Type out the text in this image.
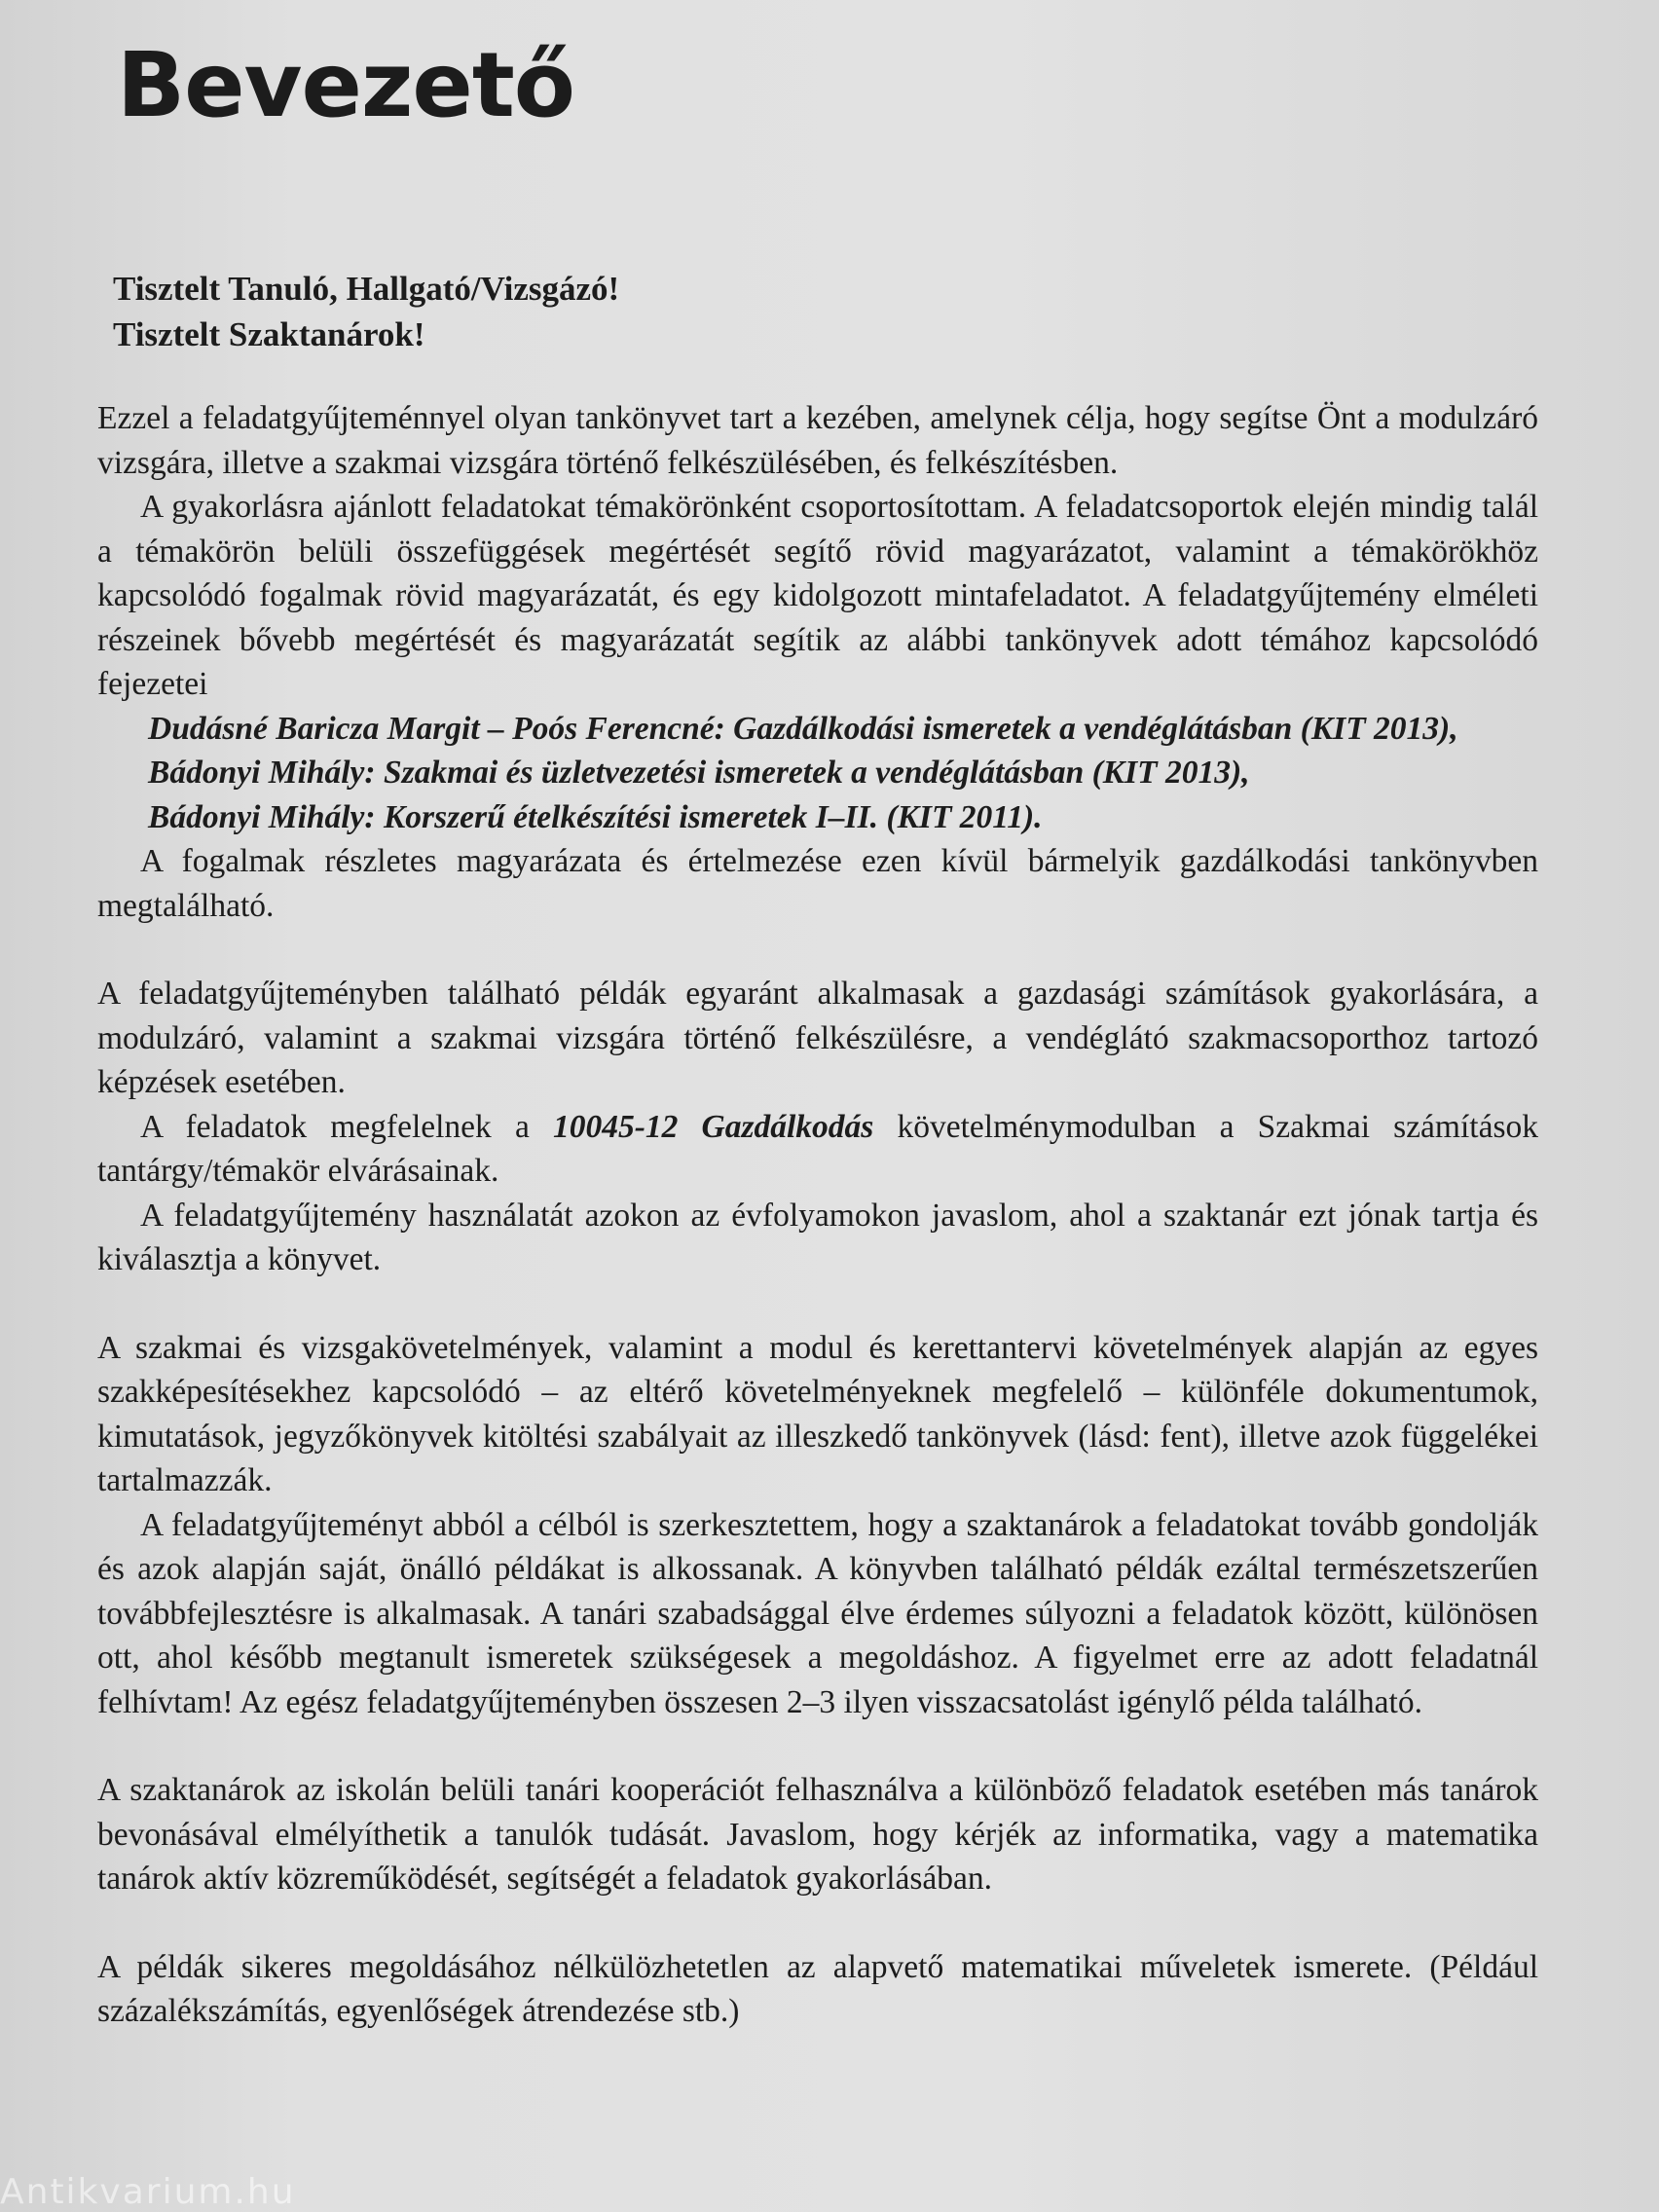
Bevezető
Tisztelt Tanuló, Hallgató/Vizsgázó!
Tisztelt Szaktanárok!

Ezzel a feladatgyűjteménnyel olyan tankönyvet tart a kezében, amelynek célja, hogy segítse Önt a modulzáró vizsgára, illetve a szakmai vizsgára történő felkészülésében, és felkészítésben.

A gyakorlásra ajánlott feladatokat témakörönként csoportosítottam. A feladatcsoportok elején mindig talál a témakörön belüli összefüggések megértését segítő rövid magyarázatot, valamint a témakörökhöz kapcsolódó fogalmak rövid magyarázatát, és egy kidolgozott mintafeladatot. A feladatgyűjtemény elméleti részeinek bővebb megértését és magyarázatát segítik az alábbi tankönyvek adott témához kapcsolódó fejezetei

Dudásné Baricza Margit – Poós Ferencné: Gazdálkodási ismeretek a vendéglátásban (KIT 2013),
Bádonyi Mihály: Szakmai és üzletvezetési ismeretek a vendéglátásban (KIT 2013),
Bádonyi Mihály: Korszerű ételkészítési ismeretek I–II. (KIT 2011).

A fogalmak részletes magyarázata és értelmezése ezen kívül bármelyik gazdálkodási tankönyvben megtalálható.

A feladatgyűjteményben található példák egyaránt alkalmasak a gazdasági számítások gyakorlására, a modulzáró, valamint a szakmai vizsgára történő felkészülésre, a vendéglátó szakmacsoporthoz tartozó képzések esetében.

A feladatok megfelelnek a 10045-12 Gazdálkodás követelménymodulban a Szakmai számítások tantárgy/témakör elvárásainak.

A feladatgyűjtemény használatát azokon az évfolyamokon javaslom, ahol a szaktanár ezt jónak tartja és kiválasztja a könyvet.

A szakmai és vizsgakövetelmények, valamint a modul és kerettantervi követelmények alapján az egyes szakképesítésekhez kapcsolódó – az eltérő követelményeknek megfelelő – különféle dokumentumok, kimutatások, jegyzőkönyvek kitöltési szabályait az illeszkedő tankönyvek (lásd: fent), illetve azok függelékei tartalmazzák.

A feladatgyűjteményt abból a célból is szerkesztettem, hogy a szaktanárok a feladatokat tovább gondolják és azok alapján saját, önálló példákat is alkossanak. A könyvben található példák ezáltal természetszerűen továbbfejlesztésre is alkalmasak. A tanári szabadsággal élve érdemes súlyozni a feladatok között, különösen ott, ahol később megtanult ismeretek szükségesek a megoldáshoz. A figyelmet erre az adott feladatnál felhívtam! Az egész feladatgyűjteményben összesen 2–3 ilyen visszacsatolást igénylő példa található.

A szaktanárok az iskolán belüli tanári kooperációt felhasználva a különböző feladatok esetében más tanárok bevonásával elmélyíthetik a tanulók tudását. Javaslom, hogy kérjék az informatika, vagy a matematika tanárok aktív közreműködését, segítségét a feladatok gyakorlásában.

A példák sikeres megoldásához nélkülözhetetlen az alapvető matematikai műveletek ismerete. (Például százalékszámítás, egyenlőségek átrendezése stb.)

Antikvarium.hu
